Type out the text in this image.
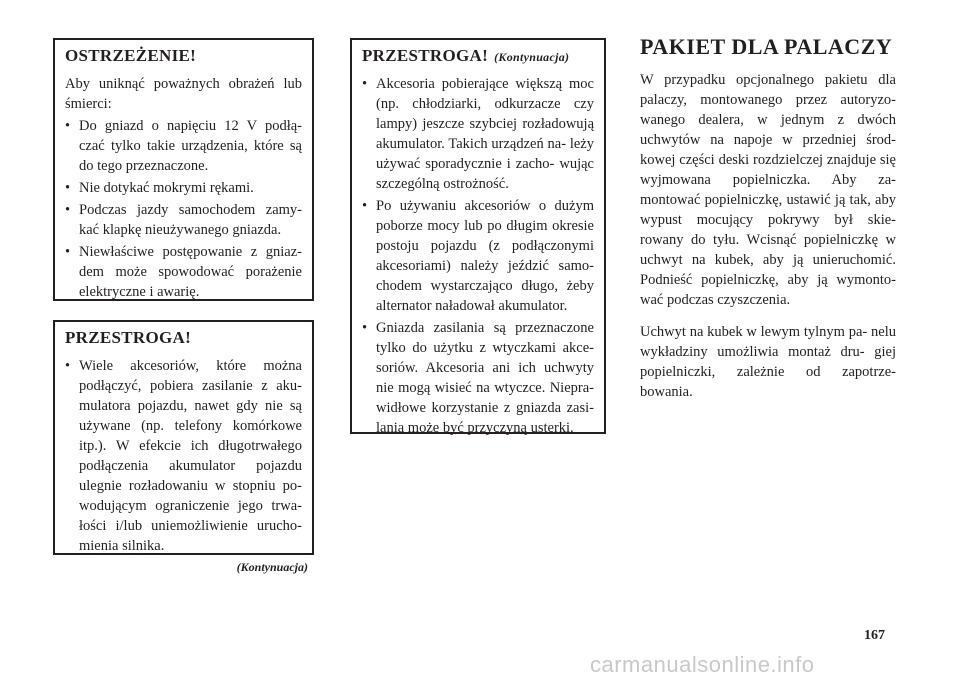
OSTRZEŻENIE!

Aby uniknąć poważnych obrażeń lub śmierci:

• Do gniazd o napięciu 12 V podłą- czać tylko takie urządzenia, które są do tego przeznaczone.
• Nie dotykać mokrymi rękami.
• Podczas jazdy samochodem zamy- kać klapkę nieużywanego gniazda.
• Niewłaściwe postępowanie z gniaz- dem może spowodować porażenie elektryczne i awarię.
PRZESTROGA!
• Wiele akcesoriów, które można podłączyć, pobiera zasilanie z aku- mulatora pojazdu, nawet gdy nie są używane (np. telefony komórkowe itp.). W efekcie ich długotrwałego podłączenia akumulator pojazdu ulegnie rozładowaniu w stopniu po- wodującym ograniczenie jego trwa- łości i/lub uniemożliwienie urucho- mienia silnika.
(Kontynuacja)
PRZESTROGA! (Kontynuacja)
• Akcesoria pobierające większą moc (np. chłodziarki, odkurzacze czy lampy) jeszcze szybciej rozładowują akumulator. Takich urządzeń na- leży używać sporadycznie i zacho- wując szczególną ostrożność.
• Po używaniu akcesoriów o dużym poborze mocy lub po długim okresie postoju pojazdu (z podłączonymi akcesoriami) należy jeździć samo- chodem wystarczająco długo, żeby alternator naładował akumulator.
• Gniazda zasilania są przeznaczone tylko do użytku z wtyczkami akce- soriów. Akcesoria ani ich uchwyty nie mogą wisieć na wtyczce. Niepra- widłowe korzystanie z gniazda zasi- lania może być przyczyną usterki.
PAKIET DLA PALACZY

W przypadku opcjonalnego pakietu dla palaczy, montowanego przez autoryzo- wanego dealera, w jednym z dwóch uchwytów na napoje w przedniej środ- kowej części deski rozdzielczej znajduje się wyjmowana popielniczka. Aby za- montować popielniczkę, ustawić ją tak, aby wypust mocujący pokrywy był skie- rowany do tyłu. Wcisnąć popielniczkę w uchwyt na kubek, aby ją unieruchomić. Podnieść popielniczkę, aby ją wymonto- wać podczas czyszczenia.

Uchwyt na kubek w lewym tylnym pa- nelu wykładziny umożliwia montaż dru- giej popielniczki, zależnie od zapotrze- bowania.

167
carmanualsonline.info
